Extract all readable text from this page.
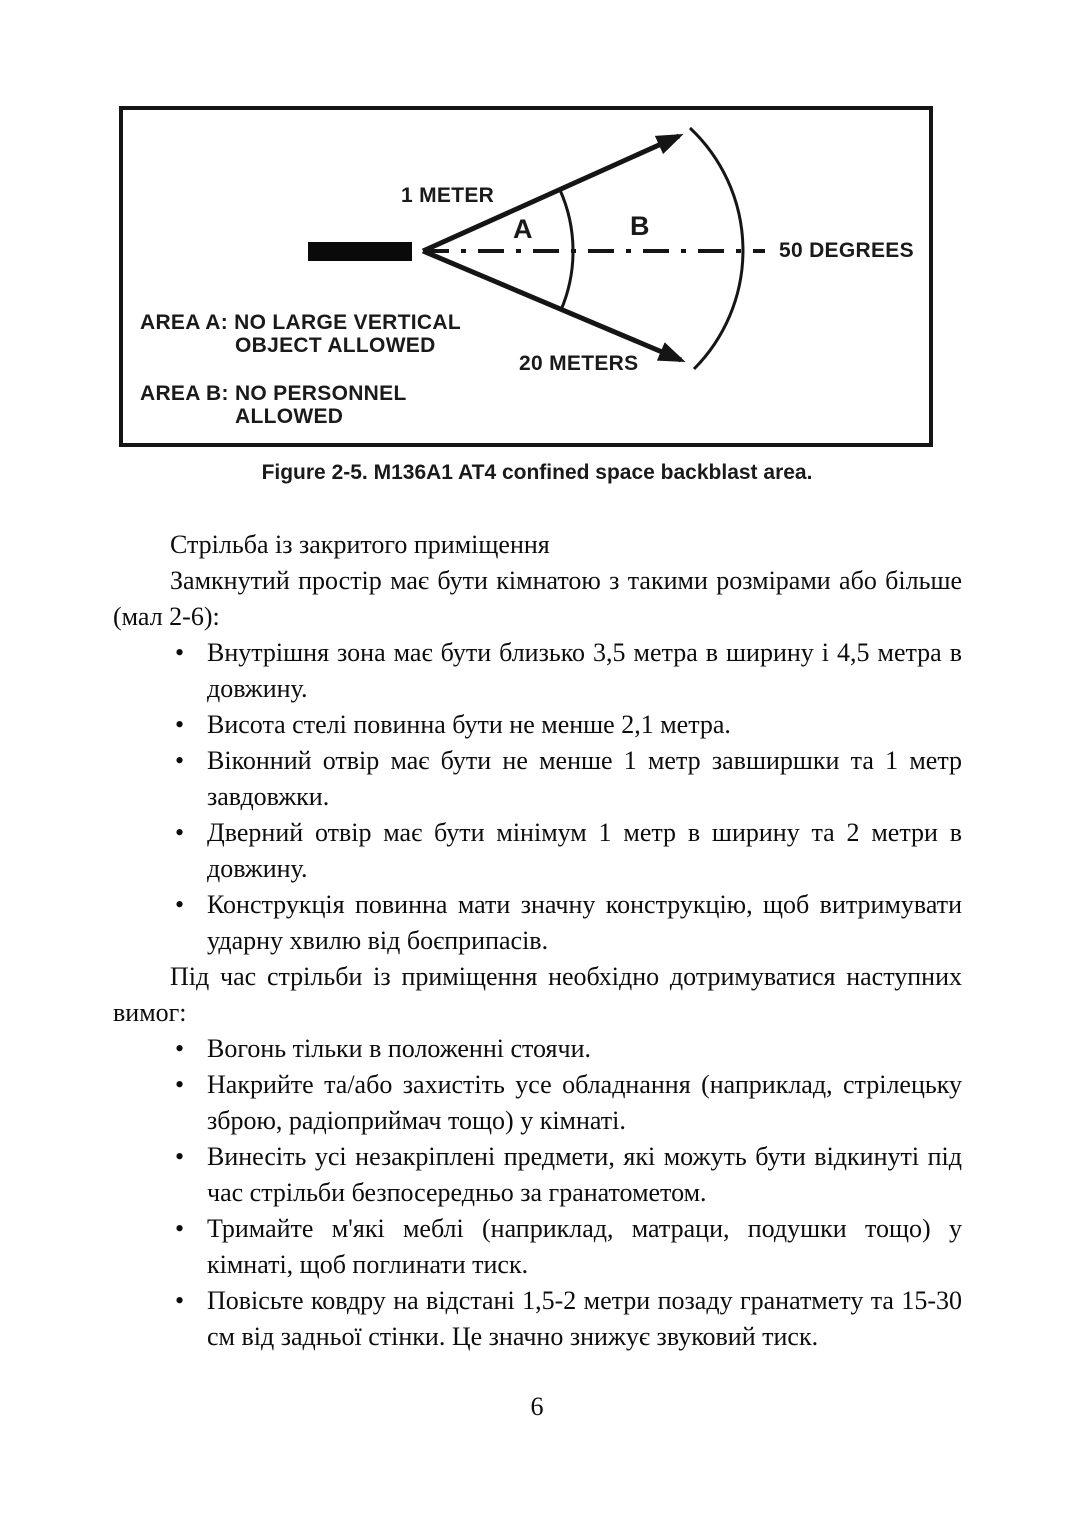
1 METER
A	B
50 DEGREES
20 METERS
AREA A: NO LARGE VERTICAL
OBJECT ALLOWED
AREA B: NO PERSONNEL
ALLOWED
Figure 2-5. M136A1 AT4 confined space backblast area.

Стрільба із закритого приміщення

Замкнутий простір має бути кімнатою з такими розмірами або більше (мал 2-6):

• Внутрішня зона має бути близько 3,5 метра в ширину і 4,5 метра в довжину.
• Висота стелі повинна бути не менше 2,1 метра.
• Віконний отвір має бути не менше 1 метр завширшки та 1 метр завдовжки.
• Дверний отвір має бути мінімум 1 метр в ширину та 2 метри в довжину.
• Конструкція повинна мати значну конструкцію, щоб витримувати ударну хвилю від боєприпасів.

Під час стрільби із приміщення необхідно дотримуватися наступних вимог:

• Вогонь тільки в положенні стоячи.
• Накрийте та/або захистіть усе обладнання (наприклад, стрілецьку зброю, радіоприймач тощо) у кімнаті.
• Винесіть усі незакріплені предмети, які можуть бути відкинуті під час стрільби безпосередньо за гранатометом.
• Тримайте м'які меблі (наприклад, матраци, подушки тощо) у кімнаті, щоб поглинати тиск.
• Повісьте ковдру на відстані 1,5-2 метри позаду гранатмету та 15-30 см від задньої стінки. Це значно знижує звуковий тиск.
6
